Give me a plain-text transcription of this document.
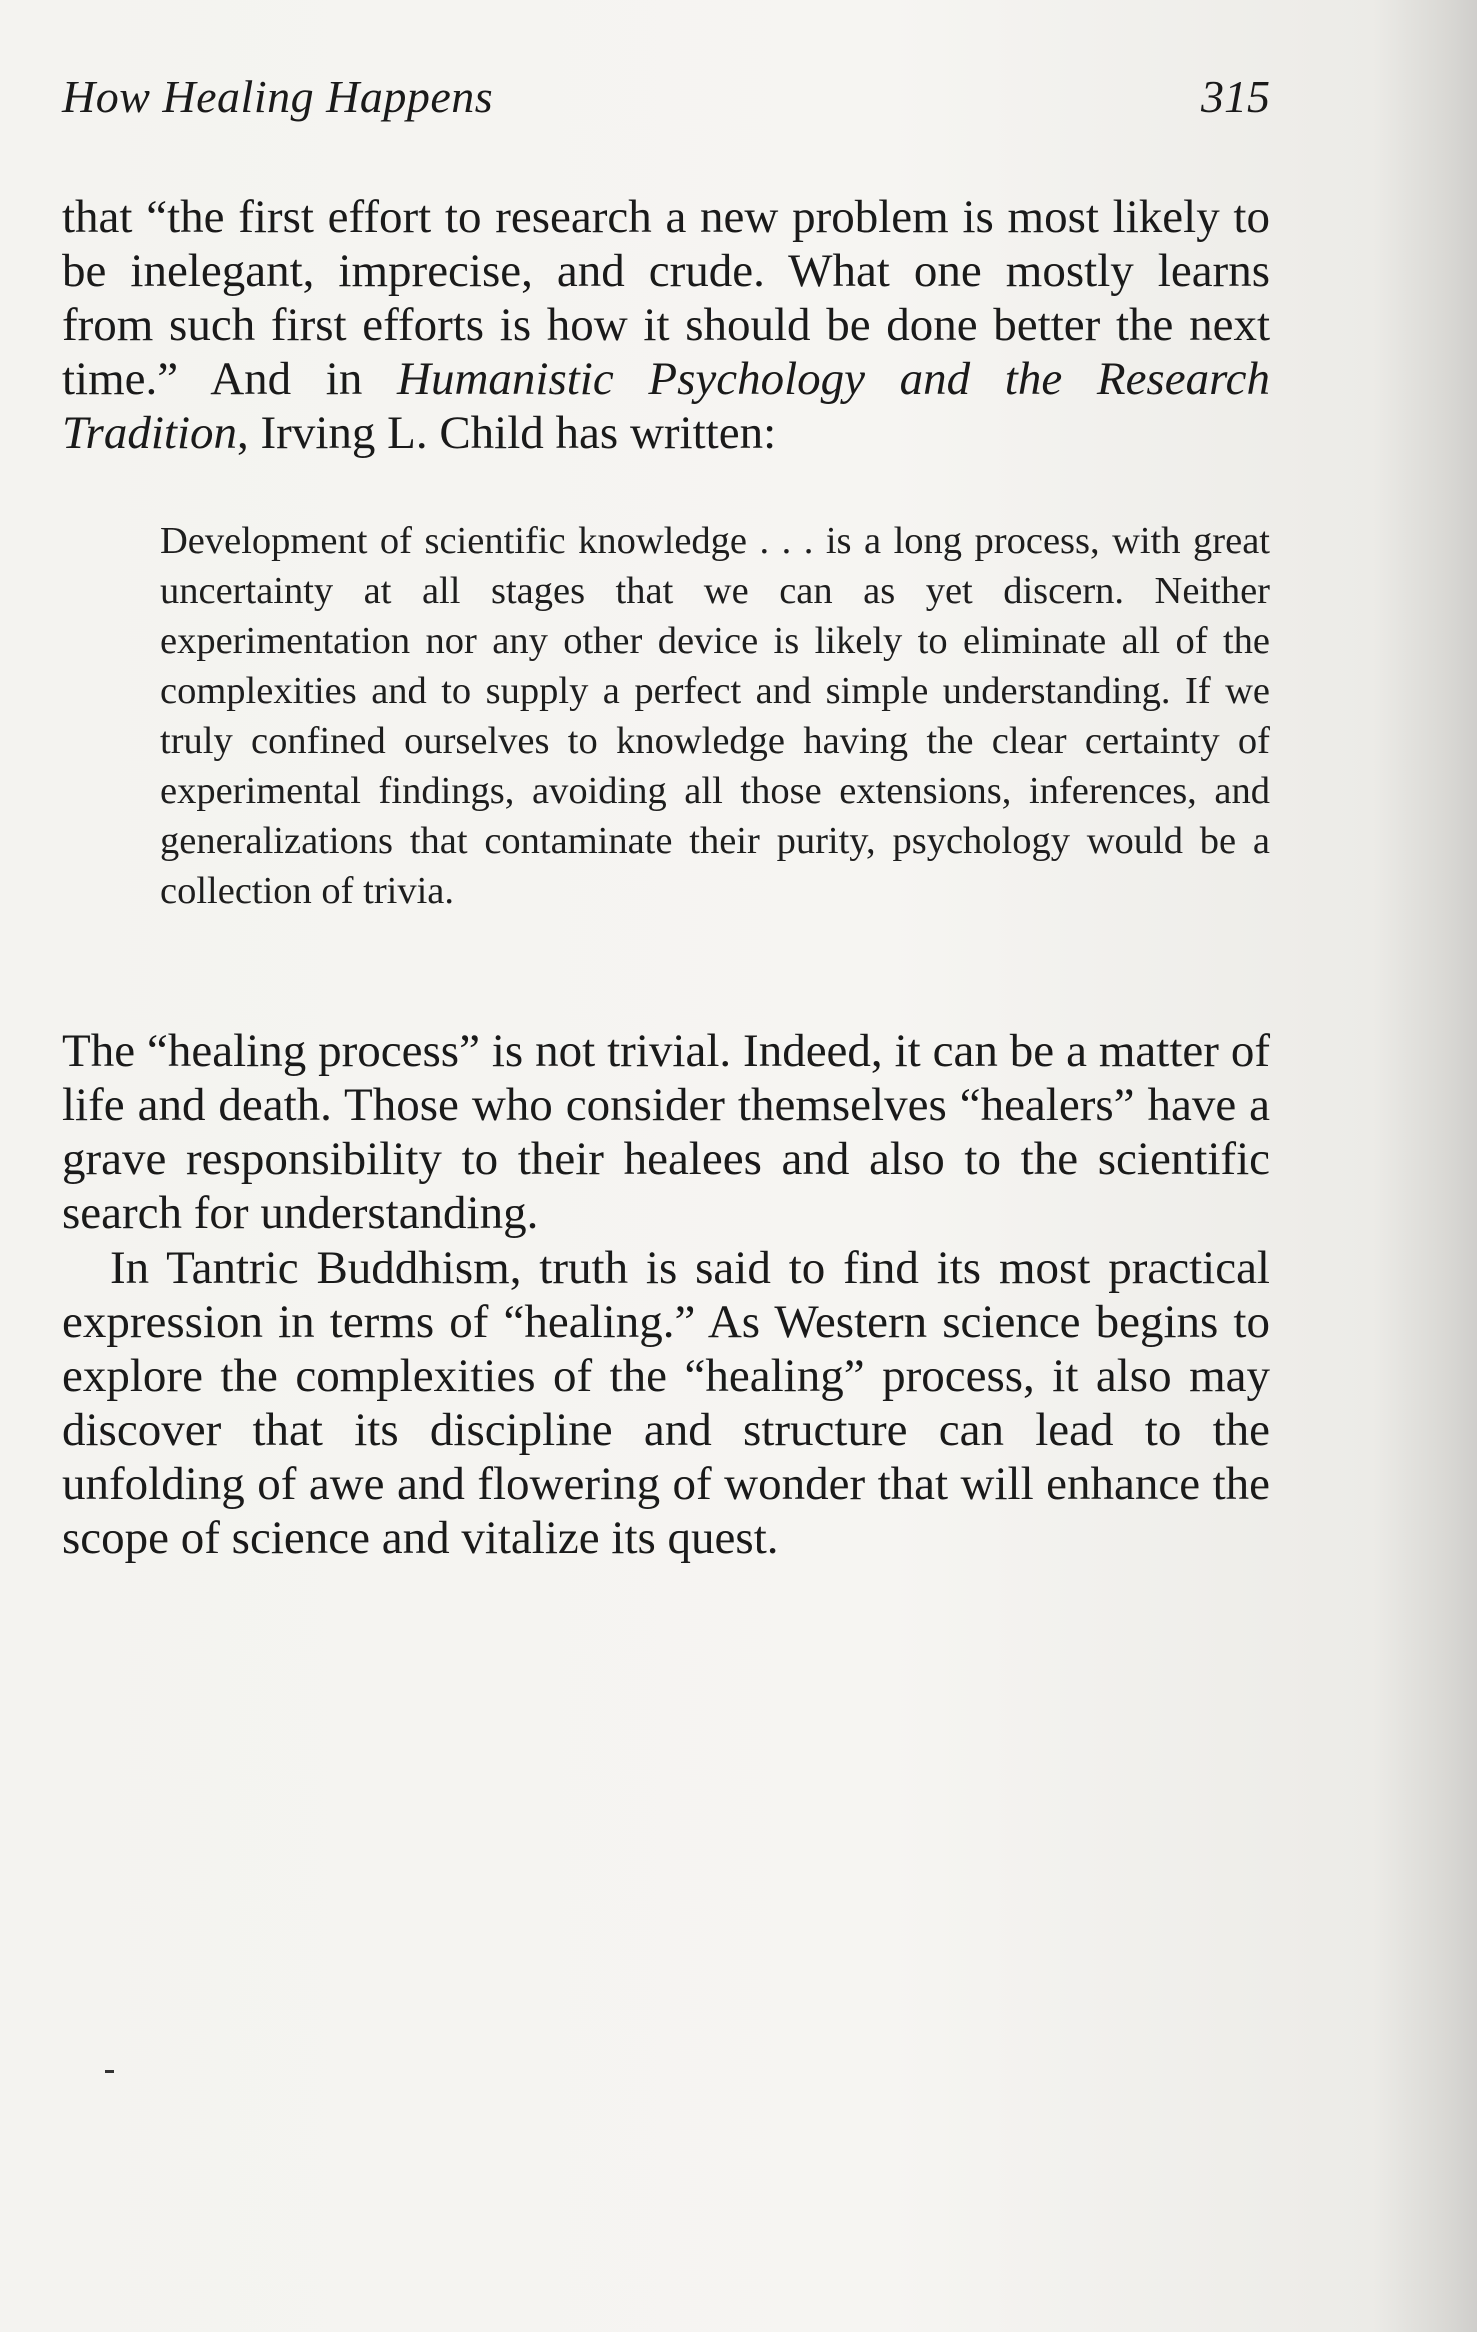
How Healing Happens	315

that “the first effort to research a new problem is most likely to be inelegant, imprecise, and crude. What one mostly learns from such first efforts is how it should be done better the next time.” And in Humanistic Psychology and the Research Tradition, Irving L. Child has written:

Development of scientific knowledge . . . is a long process, with great uncertainty at all stages that we can as yet discern. Neither experimentation nor any other device is likely to eliminate all of the complexities and to supply a perfect and simple understanding. If we truly confined ourselves to knowledge having the clear certainty of experimental findings, avoiding all those extensions, inferences, and generalizations that contaminate their purity, psychology would be a collection of trivia.

The “healing process” is not trivial. Indeed, it can be a matter of life and death. Those who consider themselves “healers” have a grave responsibility to their healees and also to the scientific search for understanding.

In Tantric Buddhism, truth is said to find its most practical expression in terms of “healing.” As Western science begins to explore the complexities of the “healing” process, it also may discover that its discipline and structure can lead to the unfolding of awe and flowering of wonder that will enhance the scope of science and vitalize its quest.
